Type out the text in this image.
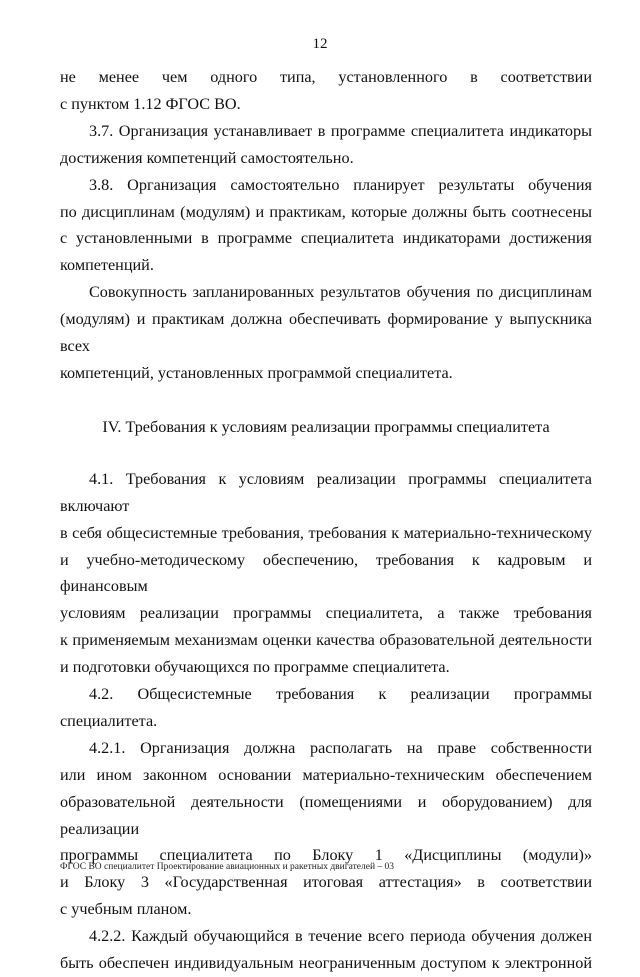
12

не менее чем одного типа, установленного в соответствии
с пунктом 1.12 ФГОС ВО.

3.7. Организация устанавливает в программе специалитета индикаторы
достижения компетенций самостоятельно.

3.8. Организация самостоятельно планирует результаты обучения
по дисциплинам (модулям) и практикам, которые должны быть соотнесены
с установленными в программе специалитета индикаторами достижения
компетенций.

Совокупность запланированных результатов обучения по дисциплинам
(модулям) и практикам должна обеспечивать формирование у выпускника всех
компетенций, установленных программой специалитета.

IV. Требования к условиям реализации программы специалитета

4.1. Требования к условиям реализации программы специалитета включают
в себя общесистемные требования, требования к материально-техническому
и учебно-методическому обеспечению, требования к кадровым и финансовым
условиям реализации программы специалитета, а также требования
к применяемым механизмам оценки качества образовательной деятельности
и подготовки обучающихся по программе специалитета.

4.2. Общесистемные требования к реализации программы специалитета.

4.2.1. Организация должна располагать на праве собственности
или ином законном основании материально-техническим обеспечением
образовательной деятельности (помещениями и оборудованием) для реализации
программы специалитета по Блоку 1 «Дисциплины (модули)»
и Блоку 3 «Государственная итоговая аттестация» в соответствии
с учебным планом.

4.2.2. Каждый обучающийся в течение всего периода обучения должен
быть обеспечен индивидуальным неограниченным доступом к электронной

ФГОС ВО специалитет Проектирование авиационных и ракетных двигателей – 03
